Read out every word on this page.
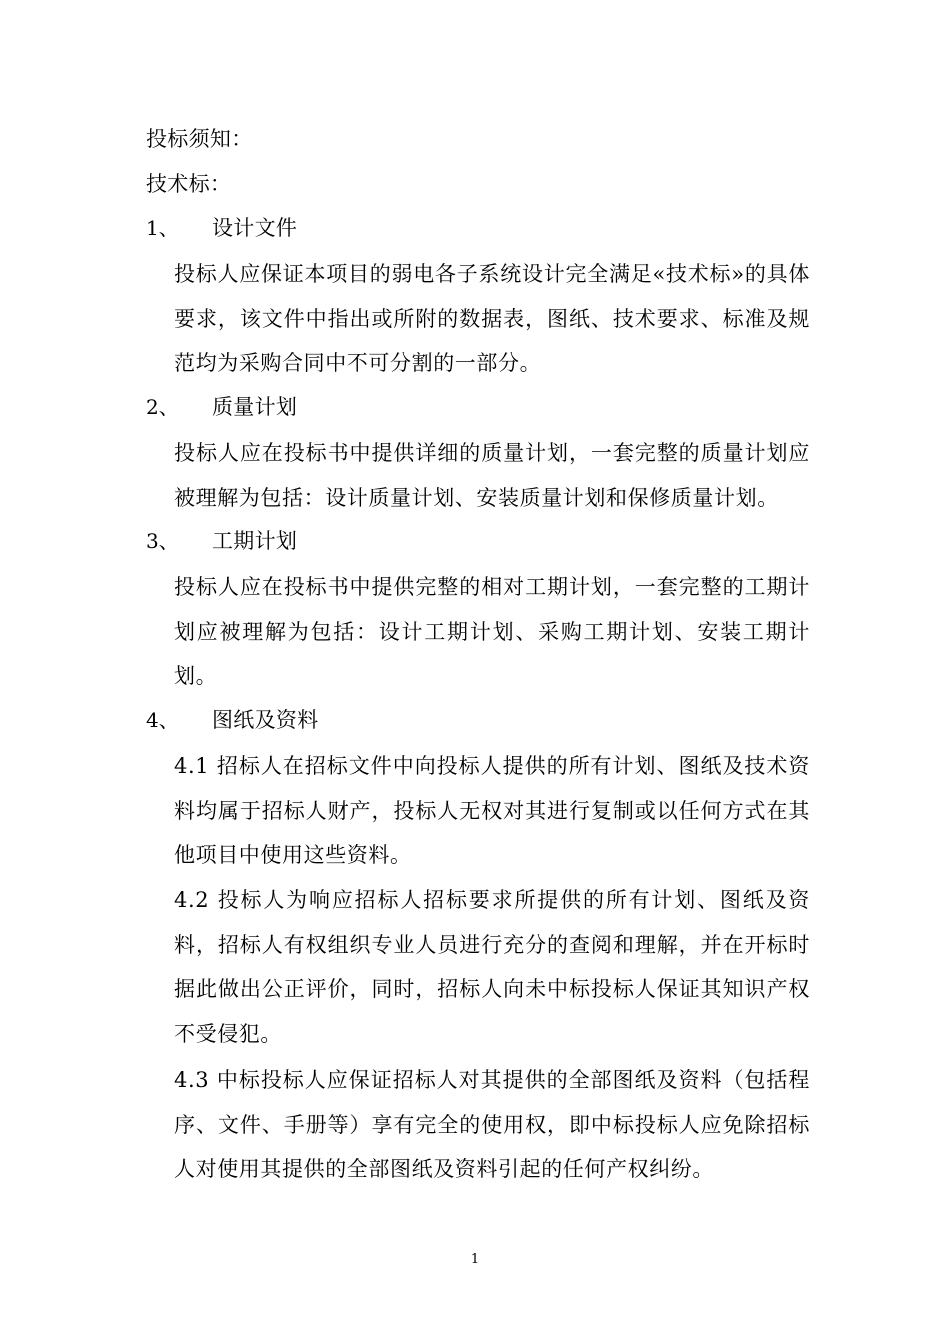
投标须知：
技术标：
1、 设计文件
投标人应保证本项目的弱电各子系统设计完全满足«技术标»的具体要求，该文件中指出或所附的数据表，图纸、技术要求、标准及规范均为采购合同中不可分割的一部分。
2、 质量计划
投标人应在投标书中提供详细的质量计划，一套完整的质量计划应被理解为包括：设计质量计划、安装质量计划和保修质量计划。
3、 工期计划
投标人应在投标书中提供完整的相对工期计划，一套完整的工期计划应被理解为包括：设计工期计划、采购工期计划、安装工期计划。
4、 图纸及资料
4.1 招标人在招标文件中向投标人提供的所有计划、图纸及技术资料均属于招标人财产，投标人无权对其进行复制或以任何方式在其他项目中使用这些资料。
4.2 投标人为响应招标人招标要求所提供的所有计划、图纸及资料，招标人有权组织专业人员进行充分的查阅和理解，并在开标时据此做出公正评价，同时，招标人向未中标投标人保证其知识产权不受侵犯。
4.3 中标投标人应保证招标人对其提供的全部图纸及资料（包括程序、文件、手册等）享有完全的使用权，即中标投标人应免除招标人对使用其提供的全部图纸及资料引起的任何产权纠纷。
1
